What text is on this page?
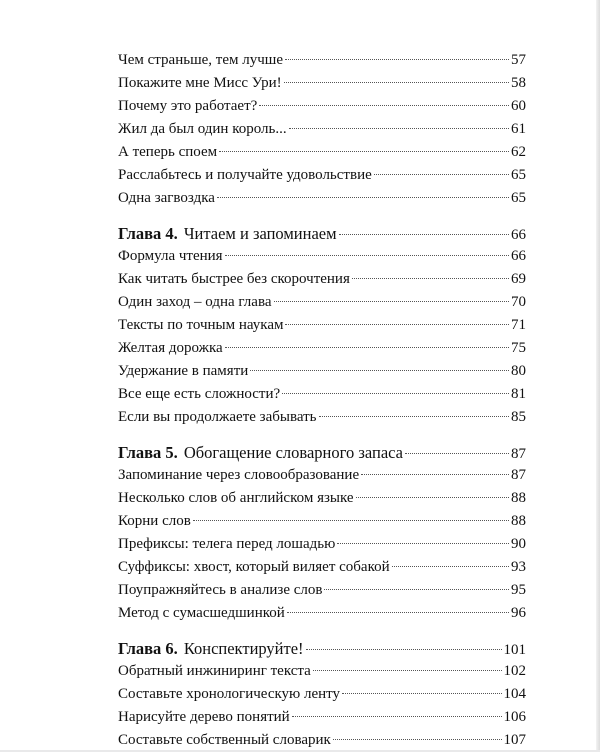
Чем страньше, тем лучше	57
Покажите мне Мисс Ури!	58
Почему это работает?	60
Жил да был один король...	61
А теперь споем	62
Расслабьтесь и получайте удовольствие	65
Одна загвоздка	65
Глава 4. Читаем и запоминаем	66
Формула чтения	66
Как читать быстрее без скорочтения	69
Один заход – одна глава	70
Тексты по точным наукам	71
Желтая дорожка	75
Удержание в памяти	80
Все еще есть сложности?	81
Если вы продолжаете забывать	85
Глава 5. Обогащение словарного запаса	87
Запоминание через словообразование	87
Несколько слов об английском языке	88
Корни слов	88
Префиксы: телега перед лошадью	90
Суффиксы: хвост, который виляет собакой	93
Поупражняйтесь в анализе слов	95
Метод с сумасшедшинкой	96
Глава 6. Конспектируйте!	101
Обратный инжиниринг текста	102
Составьте хронологическую ленту	104
Нарисуйте дерево понятий	106
Составьте собственный словарик	107
